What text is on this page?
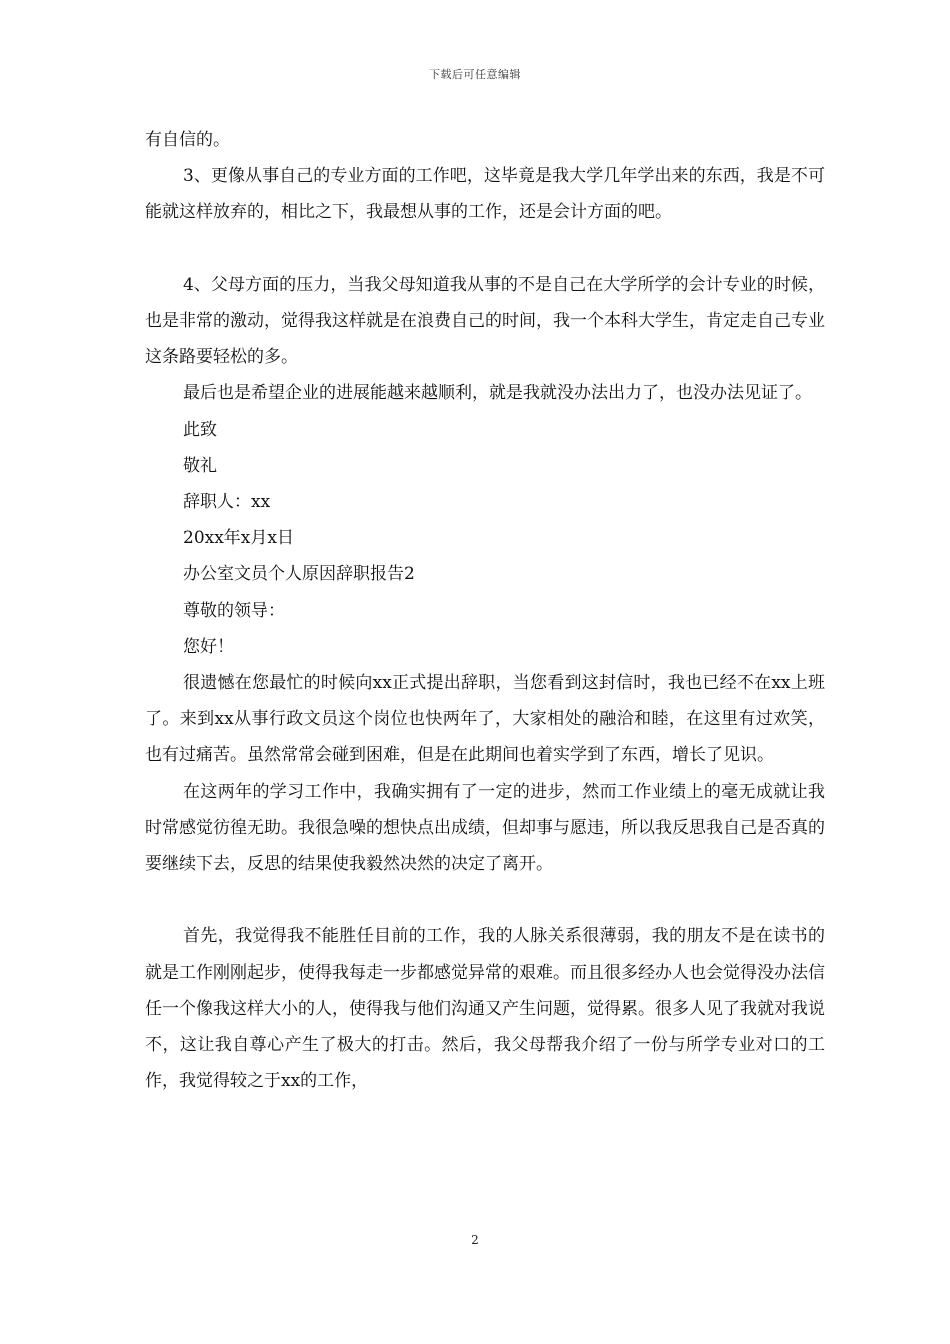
下载后可任意编辑

有自信的。

3、更像从事自己的专业方面的工作吧，这毕竟是我大学几年学出来的东西，我是不可能就这样放弃的，相比之下，我最想从事的工作，还是会计方面的吧。

4、父母方面的压力，当我父母知道我从事的不是自己在大学所学的会计专业的时候，也是非常的激动，觉得我这样就是在浪费自己的时间，我一个本科大学生，肯定走自己专业这条路要轻松的多。

最后也是希望企业的进展能越来越顺利，就是我就没办法出力了，也没办法见证了。

此致

敬礼

辞职人：xx

20xx年x月x日

办公室文员个人原因辞职报告2

尊敬的领导：

您好！

很遗憾在您最忙的时候向xx正式提出辞职，当您看到这封信时，我也已经不在xx上班了。来到xx从事行政文员这个岗位也快两年了，大家相处的融洽和睦，在这里有过欢笑，也有过痛苦。虽然常常会碰到困难，但是在此期间也着实学到了东西，增长了见识。

在这两年的学习工作中，我确实拥有了一定的进步，然而工作业绩上的毫无成就让我时常感觉彷徨无助。我很急噪的想快点出成绩，但却事与愿违，所以我反思我自己是否真的要继续下去，反思的结果使我毅然决然的决定了离开。

首先，我觉得我不能胜任目前的工作，我的人脉关系很薄弱，我的朋友不是在读书的就是工作刚刚起步，使得我每走一步都感觉异常的艰难。而且很多经办人也会觉得没办法信任一个像我这样大小的人，使得我与他们沟通又产生问题，觉得累。很多人见了我就对我说不，这让我自尊心产生了极大的打击。然后，我父母帮我介绍了一份与所学专业对口的工作，我觉得较之于xx的工作，

2
